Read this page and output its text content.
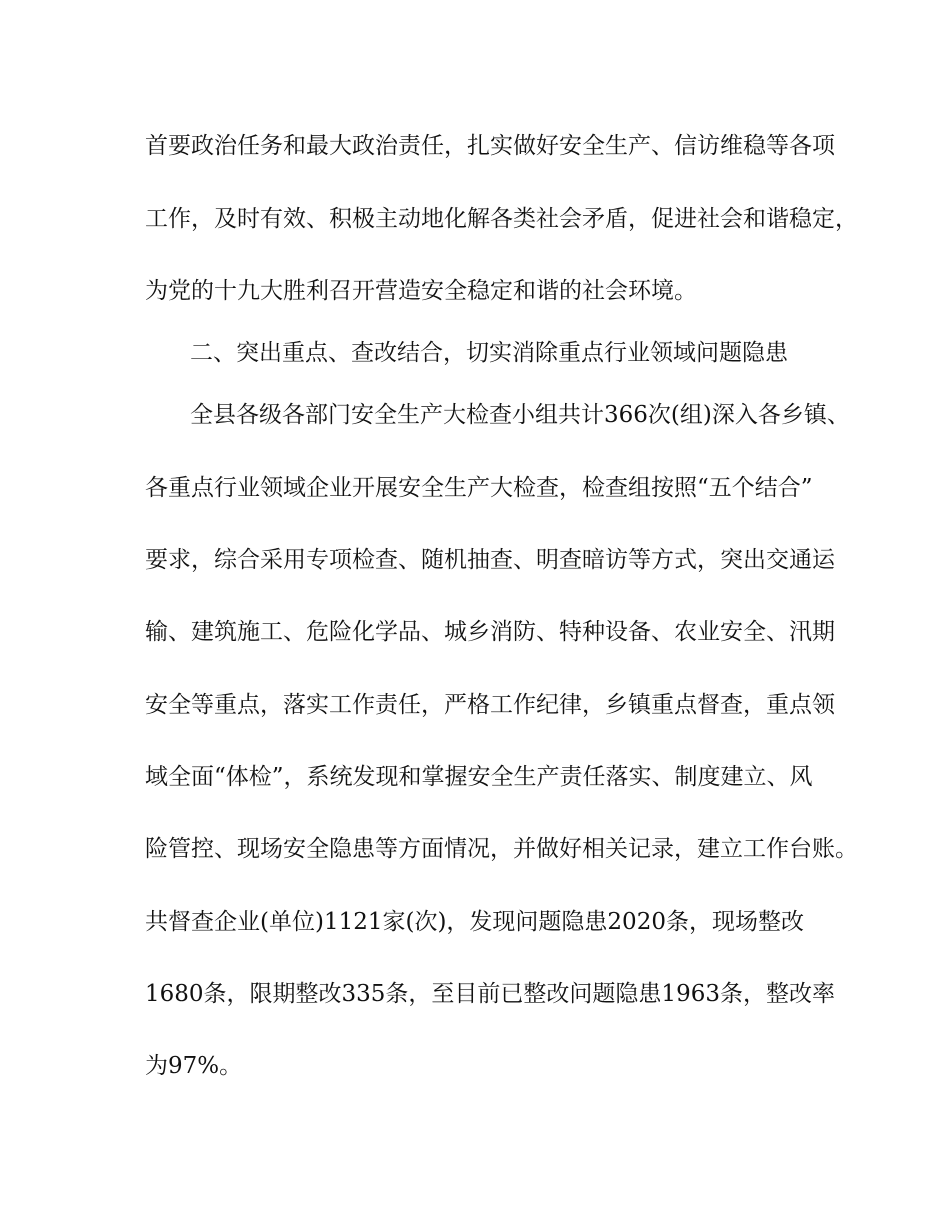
首要政治任务和最大政治责任，扎实做好安全生产、信访维稳等各项
工作，及时有效、积极主动地化解各类社会矛盾，促进社会和谐稳定，
为党的十九大胜利召开营造安全稳定和谐的社会环境。
二、突出重点、查改结合，切实消除重点行业领域问题隐患
全县各级各部门安全生产大检查小组共计366次(组)深入各乡镇、
各重点行业领域企业开展安全生产大检查，检查组按照“五个结合”
要求，综合采用专项检查、随机抽查、明查暗访等方式，突出交通运
输、建筑施工、危险化学品、城乡消防、特种设备、农业安全、汛期
安全等重点，落实工作责任，严格工作纪律，乡镇重点督查，重点领
域全面“体检”，系统发现和掌握安全生产责任落实、制度建立、风
险管控、现场安全隐患等方面情况，并做好相关记录，建立工作台账。
共督查企业(单位)1121家(次)，发现问题隐患2020条，现场整改
1680条，限期整改335条，至目前已整改问题隐患1963条，整改率
为97%。
